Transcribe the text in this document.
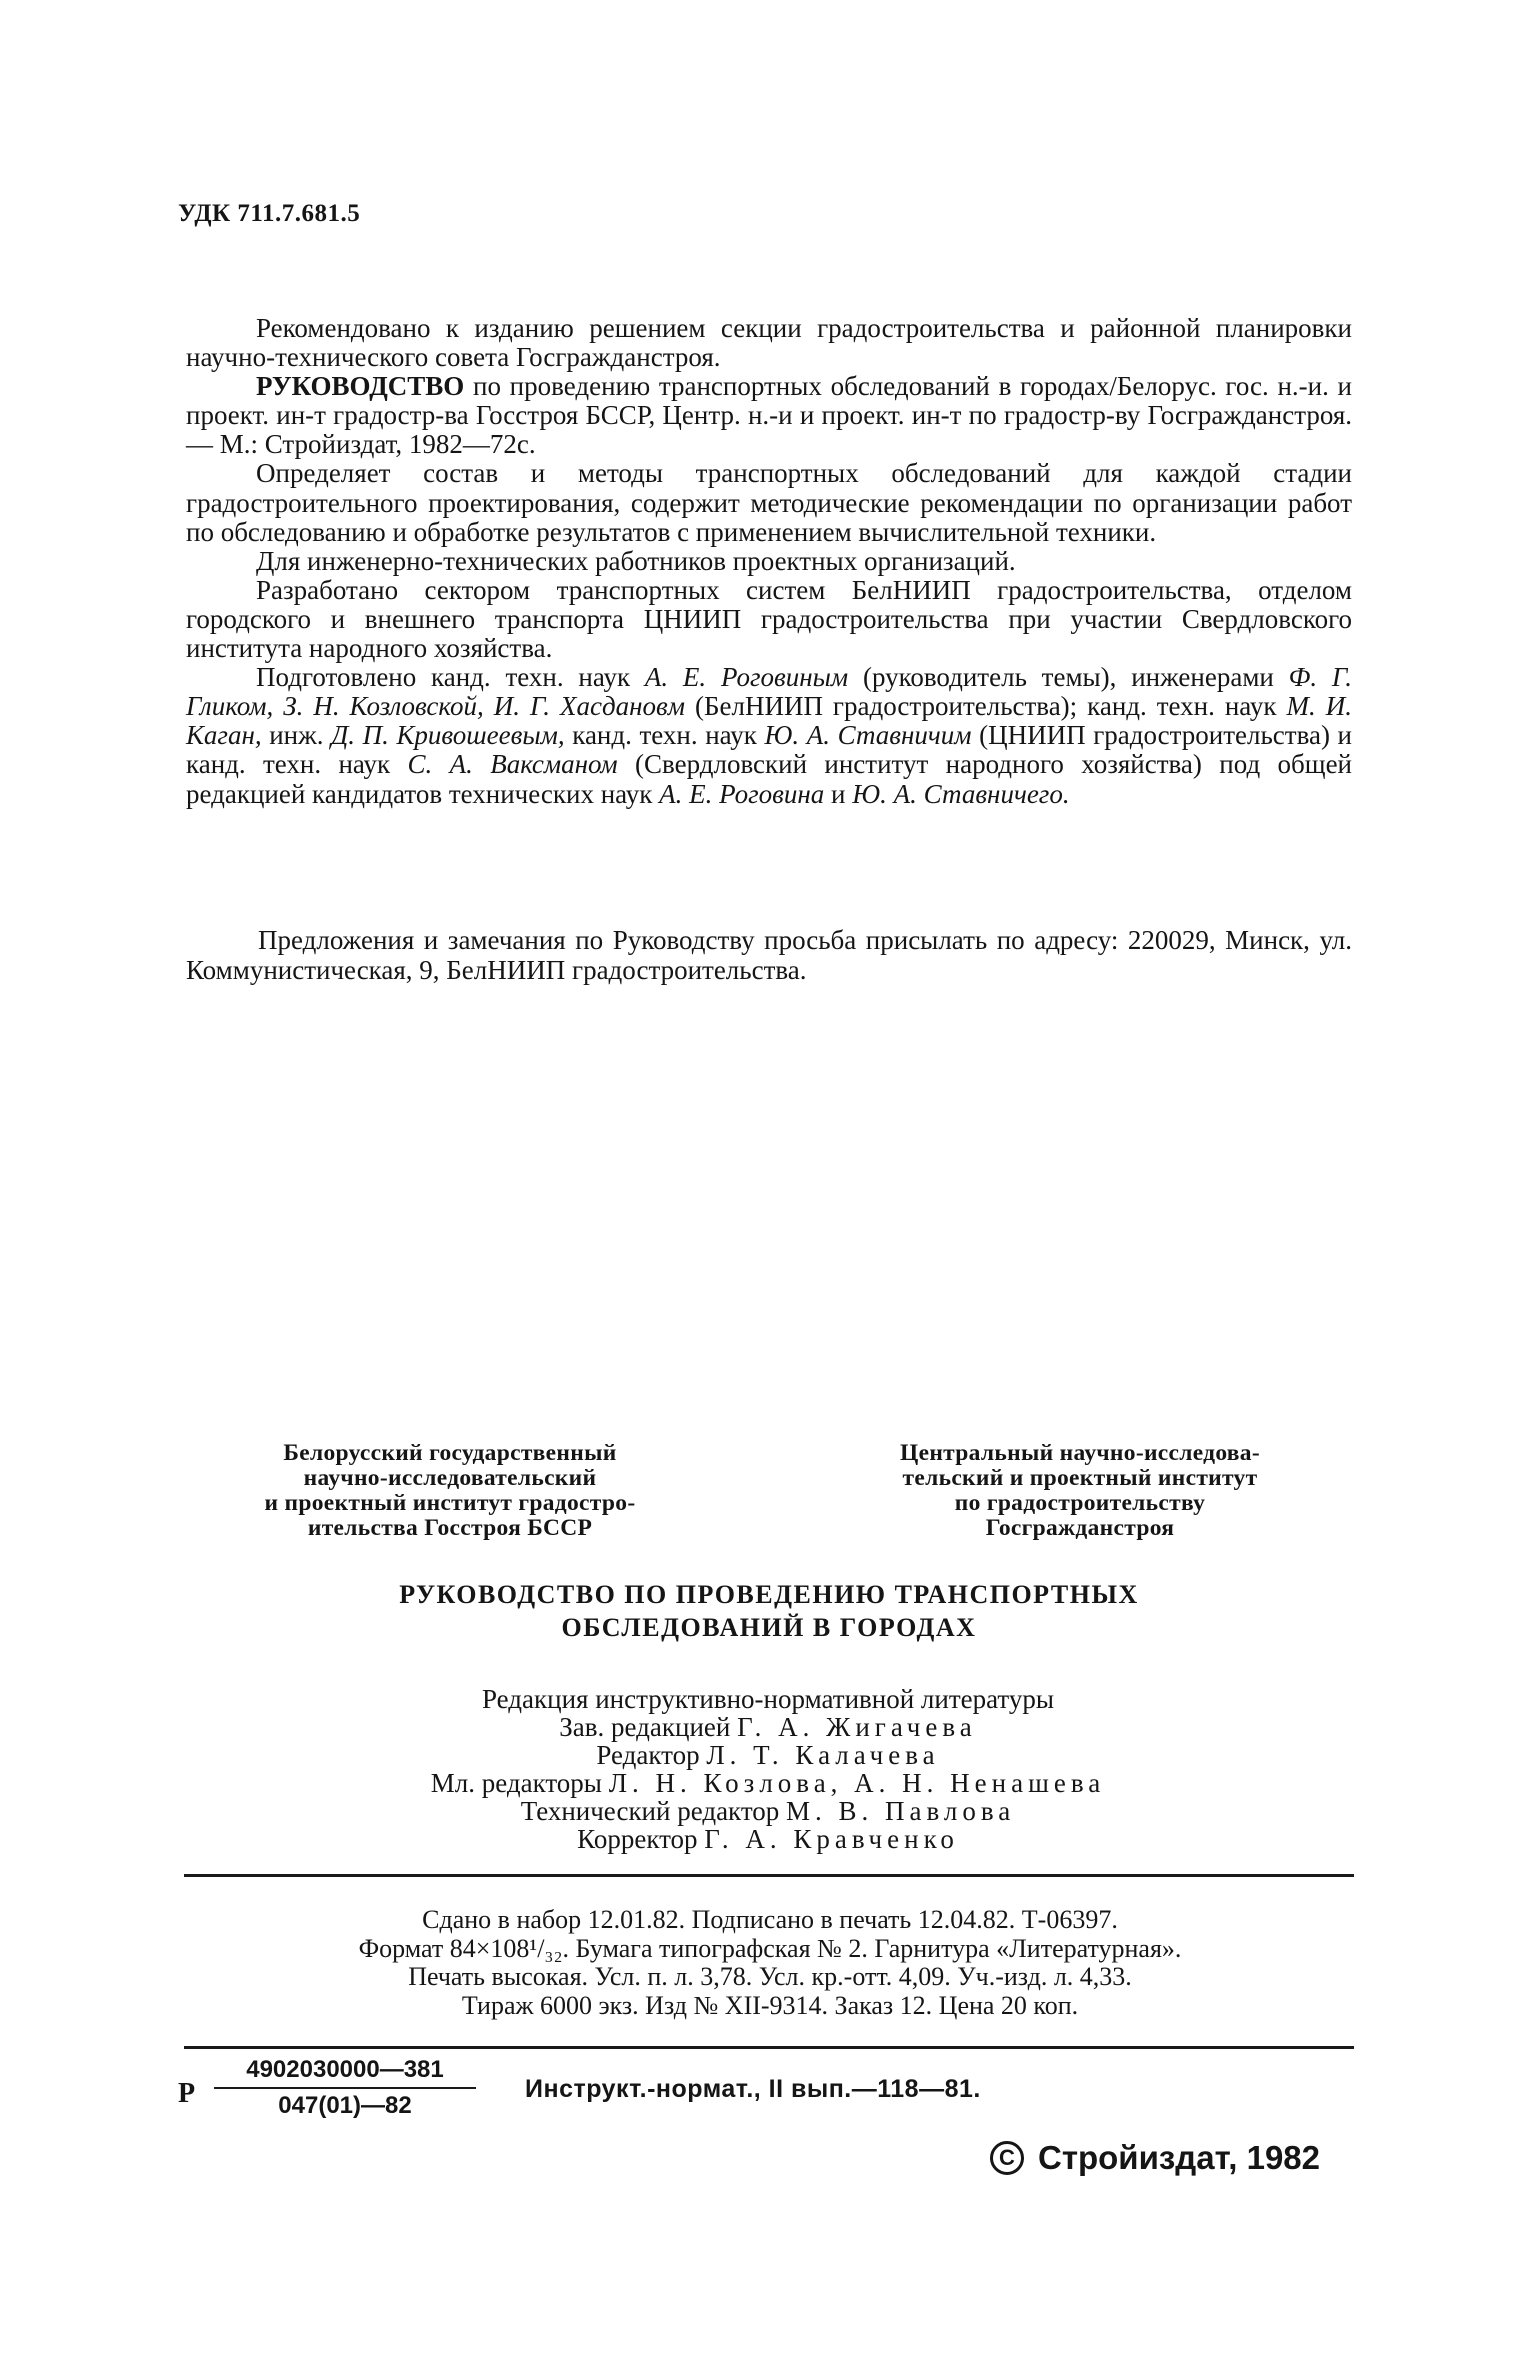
УДК 711.7.681.5

Рекомендовано к изданию решением секции градостроительства и районной планировки научно-технического совета Госгражданстроя.

РУКОВОДСТВО по проведению транспортных обследований в городах/Белорус. гос. н.-и. и проект. ин-т градостр-ва Госстроя БССР, Центр. н.-и и проект. ин-т по градостр-ву Госгражданстроя. — М.: Стройиздат, 1982—72с.

Определяет состав и методы транспортных обследований для каждой стадии градостроительного проектирования, содержит методические рекомендации по организации работ по обследованию и обработке результатов с применением вычислительной техники.

Для инженерно-технических работников проектных организаций.

Разработано сектором транспортных систем БелНИИП градостроительства, отделом городского и внешнего транспорта ЦНИИП градостроительства при участии Свердловского института народного хозяйства.

Подготовлено канд. техн. наук А. Е. Роговиным (руководитель темы), инженерами Ф. Г. Гликом, З. Н. Козловской, И. Г. Хасдановм (БелНИИП градостроительства); канд. техн. наук М. И. Каган, инж. Д. П. Кривошеевым, канд. техн. наук Ю. А. Ставничим (ЦНИИП градостроительства) и канд. техн. наук С. А. Ваксманом (Свердловский институт народного хозяйства) под общей редакцией кандидатов технических наук А. Е. Роговина и Ю. А. Ставничего.

Предложения и замечания по Руководству просьба присылать по адресу: 220029, Минск, ул. Коммунистическая, 9, БелНИИП градостроительства.
Белорусский государственный
научно-исследовательский
и проектный институт градостро-
ительства Госстроя БССР
Центральный научно-исследова-
тельский и проектный институт
по градостроительству
Госгражданстроя
РУКОВОДСТВО ПО ПРОВЕДЕНИЮ ТРАНСПОРТНЫХ
ОБСЛЕДОВАНИЙ В ГОРОДАХ
Редакция инструктивно-нормативной литературы
Зав. редакцией Г. А. Жигачева
Редактор Л. Т. Калачева
Мл. редакторы Л. Н. Козлова, А. Н. Ненашева
Технический редактор М. В. Павлова
Корректор Г. А. Кравченко
Сдано в набор 12.01.82. Подписано в печать 12.04.82. Т-06397.
Формат 84×108¹/₃₂. Бумага типографская № 2. Гарнитура «Литературная».
Печать высокая. Усл. п. л. 3,78. Усл. кр.-отт. 4,09. Уч.-изд. л. 4,33.
Тираж 6000 экз. Изд № XII-9314. Заказ 12. Цена 20 коп.
Р
4902030000—381
047(01)—82
Инструкт.-нормат., II вып.—118—81.
C Стройиздат, 1982
